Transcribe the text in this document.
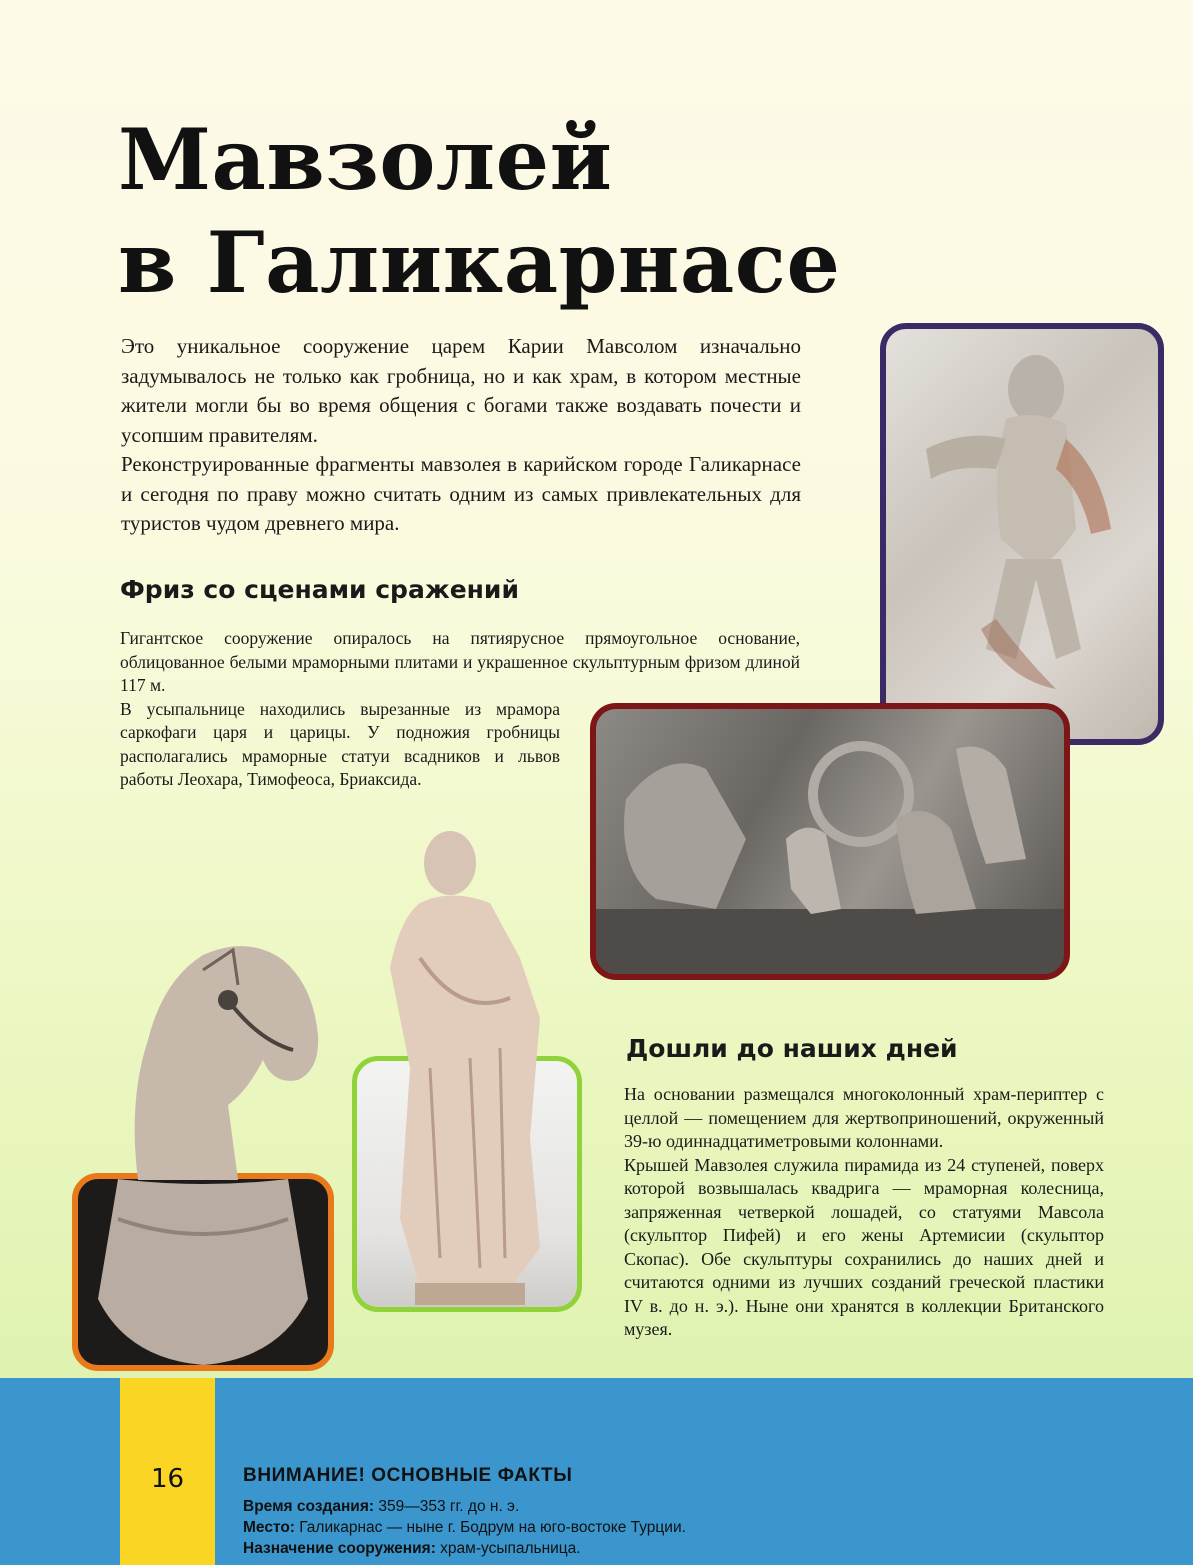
Мавзолей
в Галикарнасе

Это уникальное сооружение царем Карии Мавсолом изначально задумывалось не только как гробница, но и как храм, в котором местные жители могли бы во время общения с богами также воздавать почести и усопшим правителям.

Реконструированные фрагменты мавзолея в карийском городе Галикарнасе и сегодня по праву можно считать одним из самых привлекательных для туристов чудом древнего мира.

Фриз со сценами сражений

Гигантское сооружение опиралось на пятиярусное прямоугольное основание, облицованное белыми мраморными плитами и украшенное скульптурным фризом длиной 117 м.

В усыпальнице находились вырезанные из мрамора саркофаги царя и царицы. У подножия гробницы располагались мраморные статуи всадников и львов работы Леохара, Тимофеоса, Бриаксида.

Дошли до наших дней

На основании размещался многоколонный храм-периптер с целлой — помещением для жертвоприношений, окруженный 39-ю одиннадцатиметровыми колоннами.

Крышей Мавзолея служила пирамида из 24 ступеней, поверх которой возвышалась квадрига — мраморная колесница, запряженная четверкой лошадей, со статуями Мавсола (скульптор Пифей) и его жены Артемисии (скульптор Скопас). Обе скульптуры сохранились до наших дней и считаются одними из лучших созданий греческой пластики IV в. до н. э.). Ныне они хранятся в коллекции Британского музея.

16	ВНИМАНИЕ! ОСНОВНЫЕ ФАКТЫ
Время создания: 359—353 гг. до н. э.
Место: Галикарнас — ныне г. Бодрум на юго-востоке Турции.
Назначение сооружения: храм-усыпальница.
